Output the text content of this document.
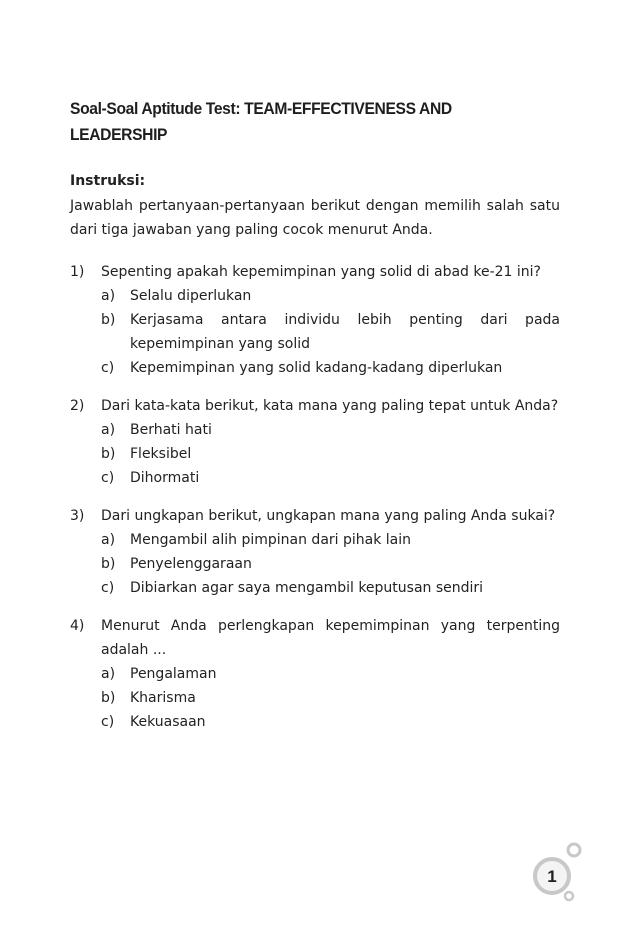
Soal-Soal Aptitude Test: TEAM-EFFECTIVENESS AND
LEADERSHIP
Instruksi:
Jawablah pertanyaan-pertanyaan berikut dengan memilih salah satu dari tiga jawaban yang paling cocok menurut Anda.
1)	Sepenting apakah kepemimpinan yang solid di abad ke-21 ini?
a) Selalu diperlukan
b) Kerjasama antara individu lebih penting dari pada kepemimpinan yang solid
c) Kepemimpinan yang solid kadang-kadang diperlukan
2)	Dari kata-kata berikut, kata mana yang paling tepat untuk Anda?
a) Berhati hati
b) Fleksibel
c) Dihormati
3)	Dari ungkapan berikut, ungkapan mana yang paling Anda sukai?
a) Mengambil alih pimpinan dari pihak lain
b) Penyelenggaraan
c) Dibiarkan agar saya mengambil keputusan sendiri
4)	Menurut Anda perlengkapan kepemimpinan yang terpenting adalah ...
a) Pengalaman
b) Kharisma
c) Kekuasaan
1
